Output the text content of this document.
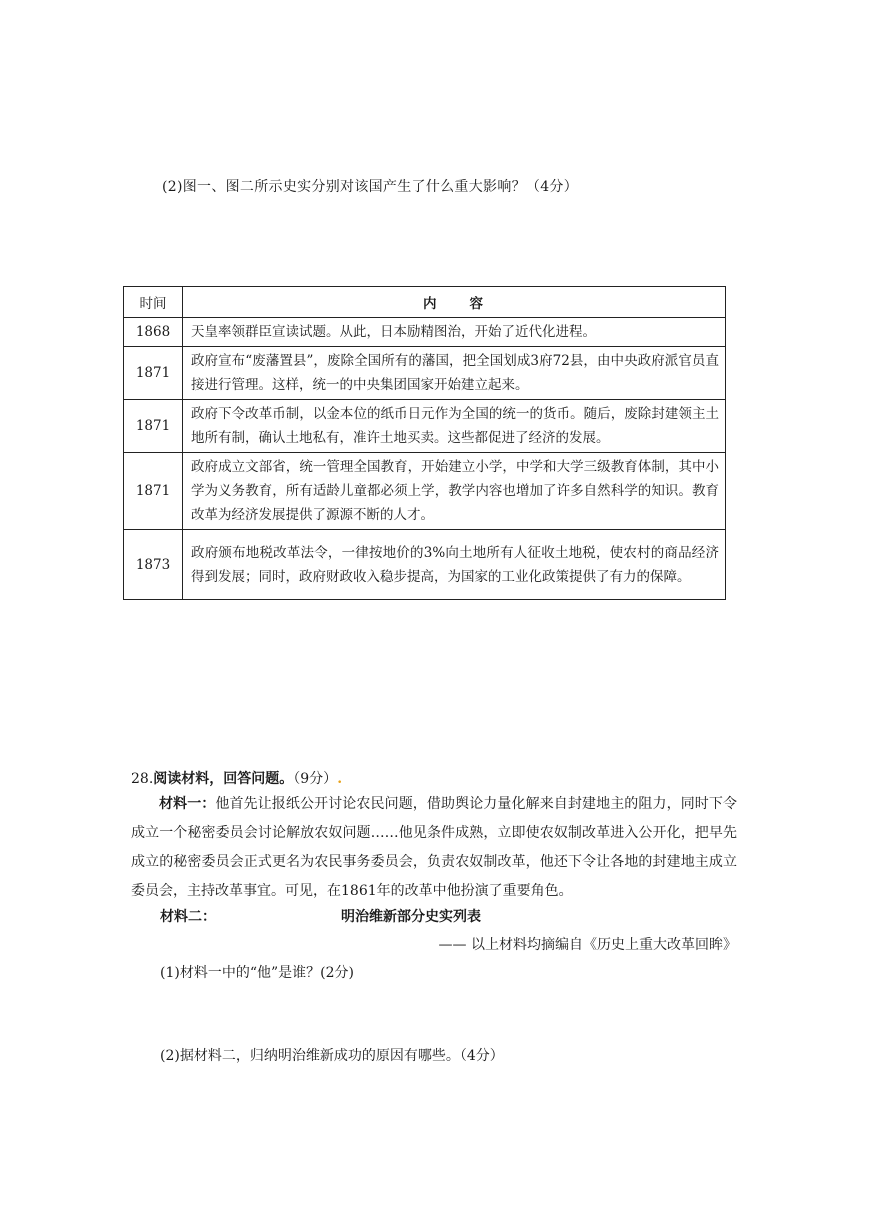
(2)图一、图二所示史实分别对该国产生了什么重大影响？（4分）
时间	内　　容
1868	天皇率领群臣宣读试题。从此，日本励精图治，开始了近代化进程。
1871	政府宣布“废藩置县”，废除全国所有的藩国，把全国划成3府72县，由中央政府派官员直接进行管理。这样，统一的中央集团国家开始建立起来。
1871	政府下令改革币制，以金本位的纸币日元作为全国的统一的货币。随后，废除封建领主土地所有制，确认土地私有，准许土地买卖。这些都促进了经济的发展。
1871	政府成立文部省，统一管理全国教育，开始建立小学，中学和大学三级教育体制，其中小学为义务教育，所有适龄儿童都必须上学，教学内容也增加了许多自然科学的知识。教育改革为经济发展提供了源源不断的人才。
1873	政府颁布地税改革法令，一律按地价的3%向土地所有人征收土地税，使农村的商品经济得到发展；同时，政府财政收入稳步提高，为国家的工业化政策提供了有力的保障。
28.阅读材料，回答问题。（9分）.
材料一：他首先让报纸公开讨论农民问题，借助舆论力量化解来自封建地主的阻力，同时下令成立一个秘密委员会讨论解放农奴问题……他见条件成熟，立即使农奴制改革进入公开化，把早先成立的秘密委员会正式更名为农民事务委员会，负责农奴制改革，他还下令让各地的封建地主成立委员会，主持改革事宜。可见，在1861年的改革中他扮演了重要角色。
材料二：	明治维新部分史实列表
—— 以上材料均摘编自《历史上重大改革回眸》
(1)材料一中的“他”是谁？(2分)
(2)据材料二，归纳明治维新成功的原因有哪些。（4分）
